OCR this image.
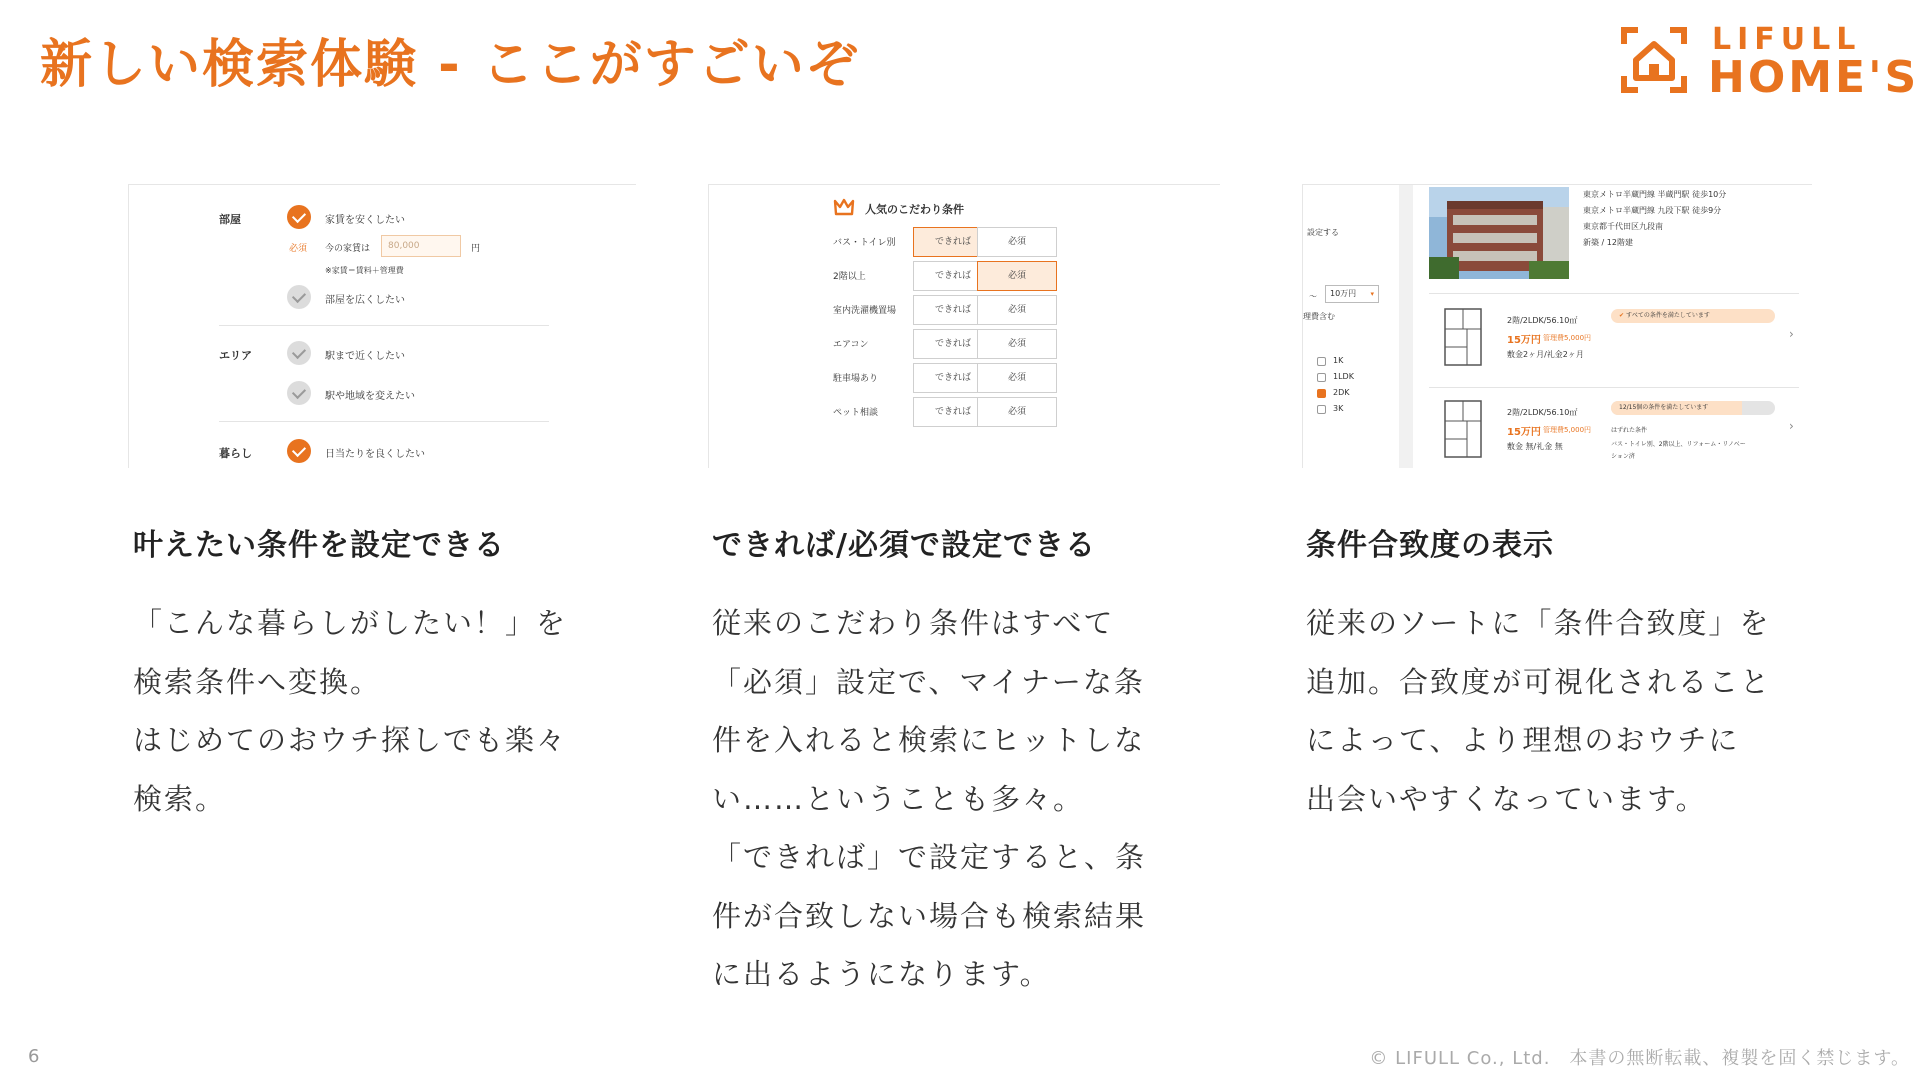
新しい検索体験 - ここがすごいぞ	LIFULL
HOME'S
部屋	家賃を安くしたい
必須 今の家賃は	80,000	円
※家賃＝賃料＋管理費
部屋を広くしたい
エリア	駅まで近くしたい
駅や地域を変えたい
暮らし	日当たりを良くしたい
人気のこだわり条件
バス・トイレ別	できれば	必須
2階以上	できれば	必須
室内洗濯機置場	できれば	必須
エアコン	できれば	必須
駐車場あり	できれば	必須
ペット相談	できれば	必須
設定する
～	10万円 ▾
理費含む
1K
1LDK
2DK
3K
東京メトロ半蔵門線 半蔵門駅 徒歩10分
東京メトロ半蔵門線 九段下駅 徒歩9分
東京都千代田区九段南
新築 / 12階建
2階/2LDK/56.10㎡
15万円 管理費5,000円
敷金2ヶ月/礼金2ヶ月
✔ すべての条件を満たしています
›
2階/2LDK/56.10㎡
15万円 管理費5,000円
敷金 無/礼金 無
12/15個の条件を満たしています
はずれた条件
バス・トイレ別、2階以上、リフォーム・リノベー
ション済
›
叶えたい条件を設定できる

「こんな暮らしがしたい！」を

検索条件へ変換。

はじめてのおウチ探しでも楽々

検索。

できれば/必須で設定できる

従来のこだわり条件はすべて

「必須」設定で、マイナーな条

件を入れると検索にヒットしな

い……ということも多々。

「できれば」で設定すると、条

件が合致しない場合も検索結果

に出るようになります。

条件合致度の表示

従来のソートに「条件合致度」を

追加。合致度が可視化されること

によって、より理想のおウチに

出会いやすくなっています。

6	© LIFULL Co., Ltd.　本書の無断転載、複製を固く禁じます。
